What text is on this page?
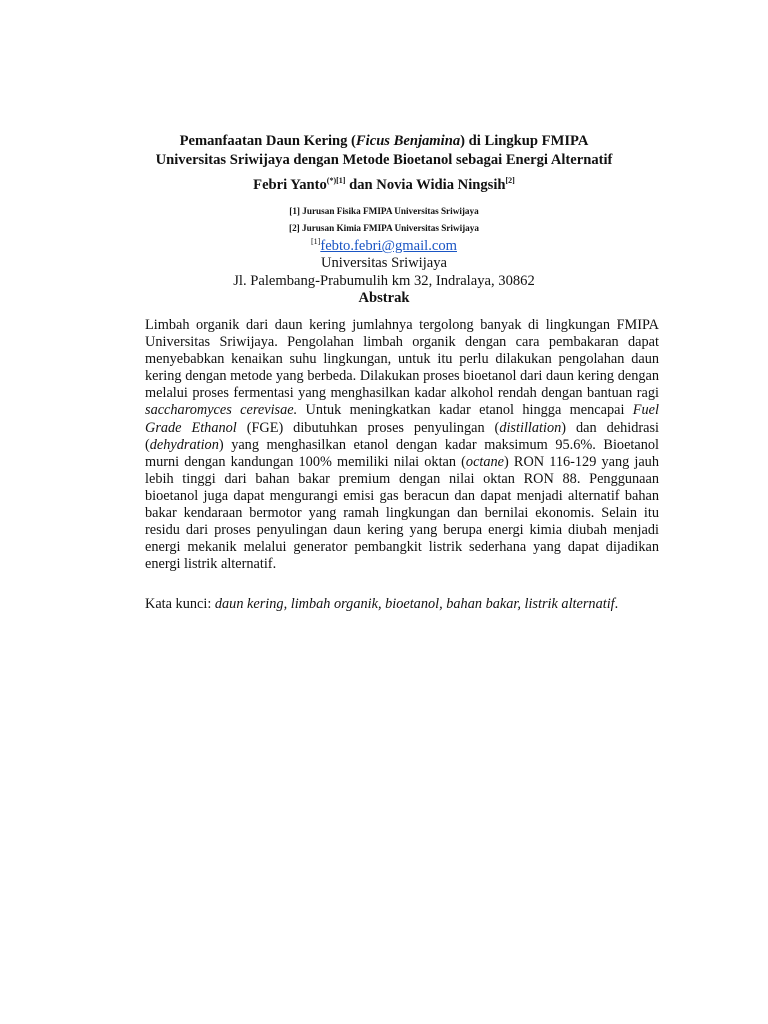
Pemanfaatan Daun Kering (Ficus Benjamina) di Lingkup FMIPA
Universitas Sriwijaya dengan Metode Bioetanol sebagai Energi Alternatif
Febri Yanto$^{(*)[1]}$ dan Novia Widia Ningsih[2]
[1] Jurusan Fisika FMIPA Universitas Sriwijaya
[2] Jurusan Kimia FMIPA Universitas Sriwijaya
[1]febto.febri@gmail.com
Universitas Sriwijaya
Jl. Palembang-Prabumulih km 32, Indralaya, 30862
Abstrak

Limbah organik dari daun kering jumlahnya tergolong banyak di lingkungan FMIPA Universitas Sriwijaya. Pengolahan limbah organik dengan cara pembakaran dapat menyebabkan kenaikan suhu lingkungan, untuk itu perlu dilakukan pengolahan daun kering dengan metode yang berbeda. Dilakukan proses bioetanol dari daun kering dengan melalui proses fermentasi yang menghasilkan kadar alkohol rendah dengan bantuan ragi saccharomyces cerevisae. Untuk meningkatkan kadar etanol hingga mencapai Fuel Grade Ethanol (FGE) dibutuhkan proses penyulingan (distillation) dan dehidrasi (dehydration) yang menghasilkan etanol dengan kadar maksimum 95.6%. Bioetanol murni dengan kandungan 100% memiliki nilai oktan (octane) RON 116-129 yang jauh lebih tinggi dari bahan bakar premium dengan nilai oktan RON 88. Penggunaan bioetanol juga dapat mengurangi emisi gas beracun dan dapat menjadi alternatif bahan bakar kendaraan bermotor yang ramah lingkungan dan bernilai ekonomis. Selain itu residu dari proses penyulingan daun kering yang berupa energi kimia diubah menjadi energi mekanik melalui generator pembangkit listrik sederhana yang dapat dijadikan energi listrik alternatif.

Kata kunci: daun kering, limbah organik, bioetanol, bahan bakar, listrik alternatif.
